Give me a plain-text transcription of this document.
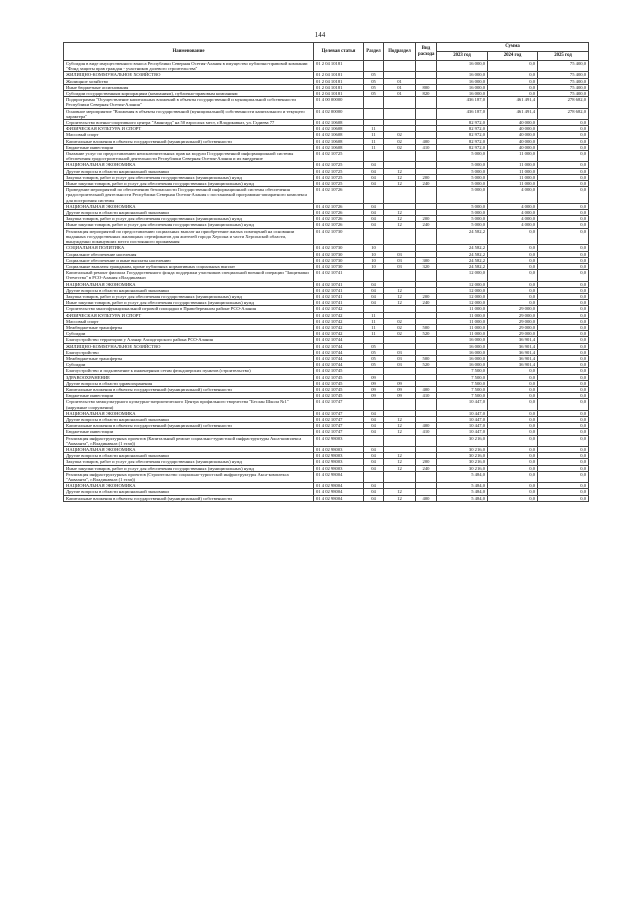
144
Наименование	Целевая статья	Раздел	Подраздел	Вид расхода	Сумма		
					2023 год	2024 год	2025 год
Субсидия в виде имущественного взноса Республики Северная Осетия-Алания в имущество публично-правовой компании "Фонд защиты прав граждан - участников долевого строительства"	01 2 04 10181				16 000,0	0,0	75 400,0
ЖИЛИЩНО-КОММУНАЛЬНОЕ ХОЗЯЙСТВО	01 2 04 10181	05			16 000,0	0,0	75 400,0
Жилищное хозяйство	01 2 04 10181	05	01		16 000,0	0,0	75 400,0
Иные бюджетные ассигнования	01 2 04 10181	05	01	800	16 000,0	0,0	75 400,0
Субсидии государственным корпорациям (компаниям), публично-правовым компаниям	01 2 04 10181	05	01	820	16 000,0	0,0	75 400,0
Подпрограмма "Осуществление капитальных вложений в объекты государственной и муниципальной собственности Республики Северная Осетия-Алания"	01 4 00 00000				436 187,0	461 491,4	278 682,0
Основное мероприятие "Вложения в объекты государственной (муниципальной) собственности капитального и текущего характера"	01 4 02 00000				436 187,0	461 491,4	278 682,0
Строительство военно-спортивного центра "Авангард" на 50 взрослых мест, г.Владикавказ, ул. Гадиева 77	01 4 02 10608				82 972,0	40 000,0	0,0
ФИЗИЧЕСКАЯ КУЛЬТУРА И СПОРТ	01 4 02 10608	11			82 972,0	40 000,0	0,0
Массовый спорт	01 4 02 10608	11	02		82 972,0	40 000,0	0,0
Капитальные вложения в объекты государственной (муниципальной) собственности	01 4 02 10608	11	02	400	82 972,0	40 000,0	0,0
Бюджетные инвестиции	01 4 02 10608	11	02	410	82 972,0	40 000,0	0,0
Оказание услуг по предоставлению неисключительных прав на модули Государственной информационной системы обеспечения градостроительной деятельности Республики Северная Осетия-Алания и их внедрение	01 4 02 10725				5 000,0	11 000,0	0,0
НАЦИОНАЛЬНАЯ ЭКОНОМИКА	01 4 02 10725	04			5 000,0	11 000,0	0,0
Другие вопросы в области национальной экономики	01 4 02 10725	04	12		5 000,0	11 000,0	0,0
Закупка товаров, работ и услуг для обеспечения государственных (муниципальных) нужд	01 4 02 10725	04	12	200	5 000,0	11 000,0	0,0
Иные закупки товаров, работ и услуг для обеспечения государственных (муниципальных) нужд	01 4 02 10725	04	12	240	5 000,0	11 000,0	0,0
Проведение мероприятий по обеспечению безопасности Государственной информационной системы обеспечения градостроительной деятельности Республики Северная Осетия-Алания с постановкой программно-аппаратного комплекса для построения системы	01 4 02 10726				5 000,0	4 000,0	0,0
НАЦИОНАЛЬНАЯ ЭКОНОМИКА	01 4 02 10726	04			5 000,0	4 000,0	0,0
Другие вопросы в области национальной экономики	01 4 02 10726	04	12		5 000,0	4 000,0	0,0
Закупка товаров, работ и услуг для обеспечения государственных (муниципальных) нужд	01 4 02 10726	04	12	200	5 000,0	4 000,0	0,0
Иные закупки товаров, работ и услуг для обеспечения государственных (муниципальных) нужд	01 4 02 10726	04	12	240	5 000,0	4 000,0	0,0
Реализация мероприятий по предоставлению социальных выплат на приобретение жилых помещений на основании выданных государственных жилищных сертификатов для жителей города Херсона и части Херсонской области, вынужденно покинувших место постоянного проживания	01 4 02 10730				24 582,2	0,0	0,0
СОЦИАЛЬНАЯ ПОЛИТИКА	01 4 02 10730	10			24 582,2	0,0	0,0
Социальное обеспечение населения	01 4 02 10730	10	03		24 582,2	0,0	0,0
Социальное обеспечение и иные выплаты населению	01 4 02 10730	10	03	300	24 582,2	0,0	0,0
Социальные выплаты гражданам, кроме публичных нормативных социальных выплат	01 4 02 10730	10	03	320	24 582,2	0,0	0,0
Капитальный ремонт филиала Государственного фонда поддержки участников специальной военной операции "Защитники Отечества" в РСО-Алания г.Владикавказ	01 4 02 10741				12 000,0	0,0	0,0
НАЦИОНАЛЬНАЯ ЭКОНОМИКА	01 4 02 10741	04			12 000,0	0,0	0,0
Другие вопросы в области национальной экономики	01 4 02 10741	04	12		12 000,0	0,0	0,0
Закупка товаров, работ и услуг для обеспечения государственных (муниципальных) нужд	01 4 02 10741	04	12	200	12 000,0	0,0	0,0
Иные закупки товаров, работ и услуг для обеспечения государственных (муниципальных) нужд	01 4 02 10741	04	12	240	12 000,0	0,0	0,0
Строительство многофункциональной игровой площадки в Правобережном районе РСО-Алания	01 4 02 10742				11 000,0	29 000,0	0,0
ФИЗИЧЕСКАЯ КУЛЬТУРА И СПОРТ	01 4 02 10742	11			11 000,0	29 000,0	0,0
Массовый спорт	01 4 02 10742	11	02		11 000,0	29 000,0	0,0
Межбюджетные трансферты	01 4 02 10742	11	02	500	11 000,0	29 000,0	0,0
Субсидии	01 4 02 10742	11	02	520	11 000,0	29 000,0	0,0
Благоустройство территории у Аланар Ахиадгорского района РСО-Алания	01 4 02 10744				16 000,0	36 901,4	0,0
ЖИЛИЩНО-КОММУНАЛЬНОЕ ХОЗЯЙСТВО	01 4 02 10744	05			16 000,0	36 901,4	0,0
Благоустройство	01 4 02 10744	05	03		16 000,0	36 901,4	0,0
Межбюджетные трансферты	01 4 02 10744	05	03	500	16 000,0	36 901,4	0,0
Субсидии	01 4 02 10744	05	03	520	16 000,0	36 901,4	0,0
Благоустройство и подключение к инженерным сетям фельдшерских пунктов (строительство)	01 4 02 10745				7 500,0	0,0	0,0
ЗДРАВООХРАНЕНИЕ	01 4 02 10745	09			7 500,0	0,0	0,0
Другие вопросы в области здравоохранения	01 4 02 10745	09	09		7 500,0	0,0	0,0
Капитальные вложения в объекты государственной (муниципальной) собственности	01 4 02 10745	09	09	400	7 500,0	0,0	0,0
Бюджетные инвестиции	01 4 02 10745	09	09	410	7 500,0	0,0	0,0
Строительство межкультурного культурно-патриотического Центра профильного творчества "Беслан Школа №1" (наружные сооружения)	01 4 02 10747				10 447,0	0,0	0,0
НАЦИОНАЛЬНАЯ ЭКОНОМИКА	01 4 02 10747	04			10 447,0	0,0	0,0
Другие вопросы в области национальной экономики	01 4 02 10747	04	12		10 447,0	0,0	0,0
Капитальные вложения в объекты государственной (муниципальной) собственности	01 4 02 10747	04	12	400	10 447,0	0,0	0,0
Бюджетные инвестиции	01 4 02 10747	04	12	410	10 447,0	0,0	0,0
Реализация инфраструктурных проектов (Капитальный ремонт социально-туристской инфраструктуры Акса-комплекса "Акваанта", г.Владикавказ (1 этап))	01 4 02 98003				30 216,0	0,0	0,0
НАЦИОНАЛЬНАЯ ЭКОНОМИКА	01 4 02 98003	04			30 216,0	0,0	0,0
Другие вопросы в области национальной экономики	01 4 02 98003	04	12		30 216,0	0,0	0,0
Закупка товаров, работ и услуг для обеспечения государственных (муниципальных) нужд	01 4 02 98003	04	12	200	30 216,0	0,0	0,0
Иные закупки товаров, работ и услуг для обеспечения государственных (муниципальных) нужд	01 4 02 98003	04	12	240	30 216,0	0,0	0,0
Реализация инфраструктурных проектов (Строительство социально-туристской инфраструктуры Акса-комплекса "Акваанта", г.Владикавказ (1 этап))	01 4 02 98004				5 484,0	0,0	0,0
НАЦИОНАЛЬНАЯ ЭКОНОМИКА	01 4 02 98004	04			5 484,0	0,0	0,0
Другие вопросы в области национальной экономики	01 4 02 98004	04	12		5 484,0	0,0	0,0
Капитальные вложения в объекты государственной (муниципальной) собственности	01 4 02 98004	04	12	400	5 484,0	0,0	0,0
